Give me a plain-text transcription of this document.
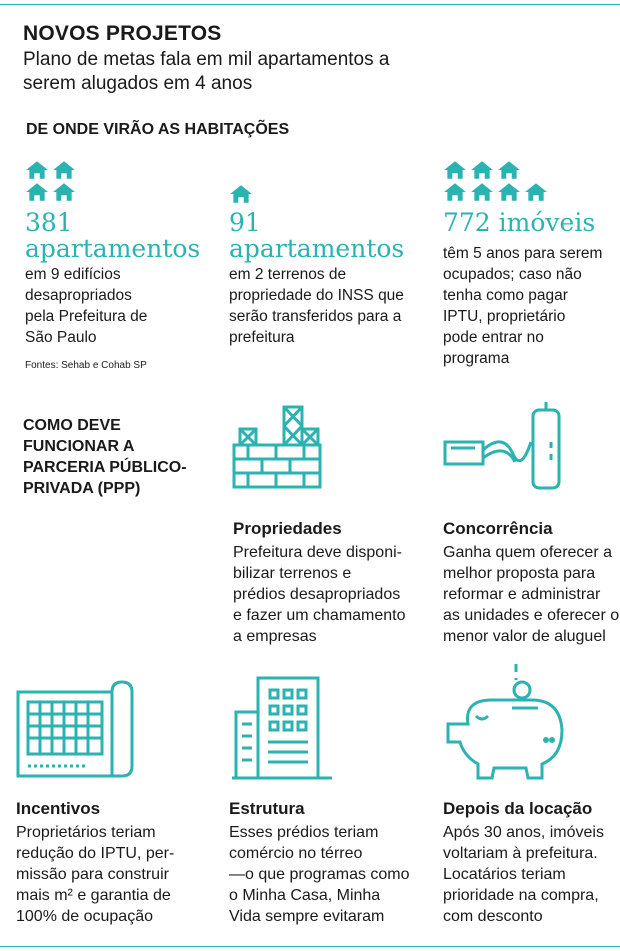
NOVOS PROJETOS
Plano de metas fala em mil apartamentos a serem alugados em 4 anos
DE ONDE VIRÃO AS HABITAÇÕES
381
apartamentos
em 9 edifícios desapropriados pela Prefeitura de São Paulo
Fontes: Sehab e Cohab SP
91
apartamentos
em 2 terrenos de propriedade do INSS que serão transferidos para a prefeitura
772 imóveis
têm 5 anos para serem ocupados; caso não tenha como pagar IPTU, proprietário pode entrar no programa
COMO DEVE FUNCIONAR A PARCERIA PÚBLICO-PRIVADA (PPP)
Propriedades
Prefeitura deve disponi-
bilizar terrenos e
prédios desapropriados
e fazer um chamamento
a empresas
Concorrência
Ganha quem oferecer a
melhor proposta para
reformar e administrar
as unidades e oferecer o
menor valor de aluguel
Incentivos
Proprietários teriam
redução do IPTU, per-
missão para construir
mais m² e garantia de
100% de ocupação
Estrutura
Esses prédios teriam
comércio no térreo
—o que programas como
o Minha Casa, Minha
Vida sempre evitaram
Depois da locação
Após 30 anos, imóveis
voltariam à prefeitura.
Locatários teriam
prioridade na compra,
com desconto
